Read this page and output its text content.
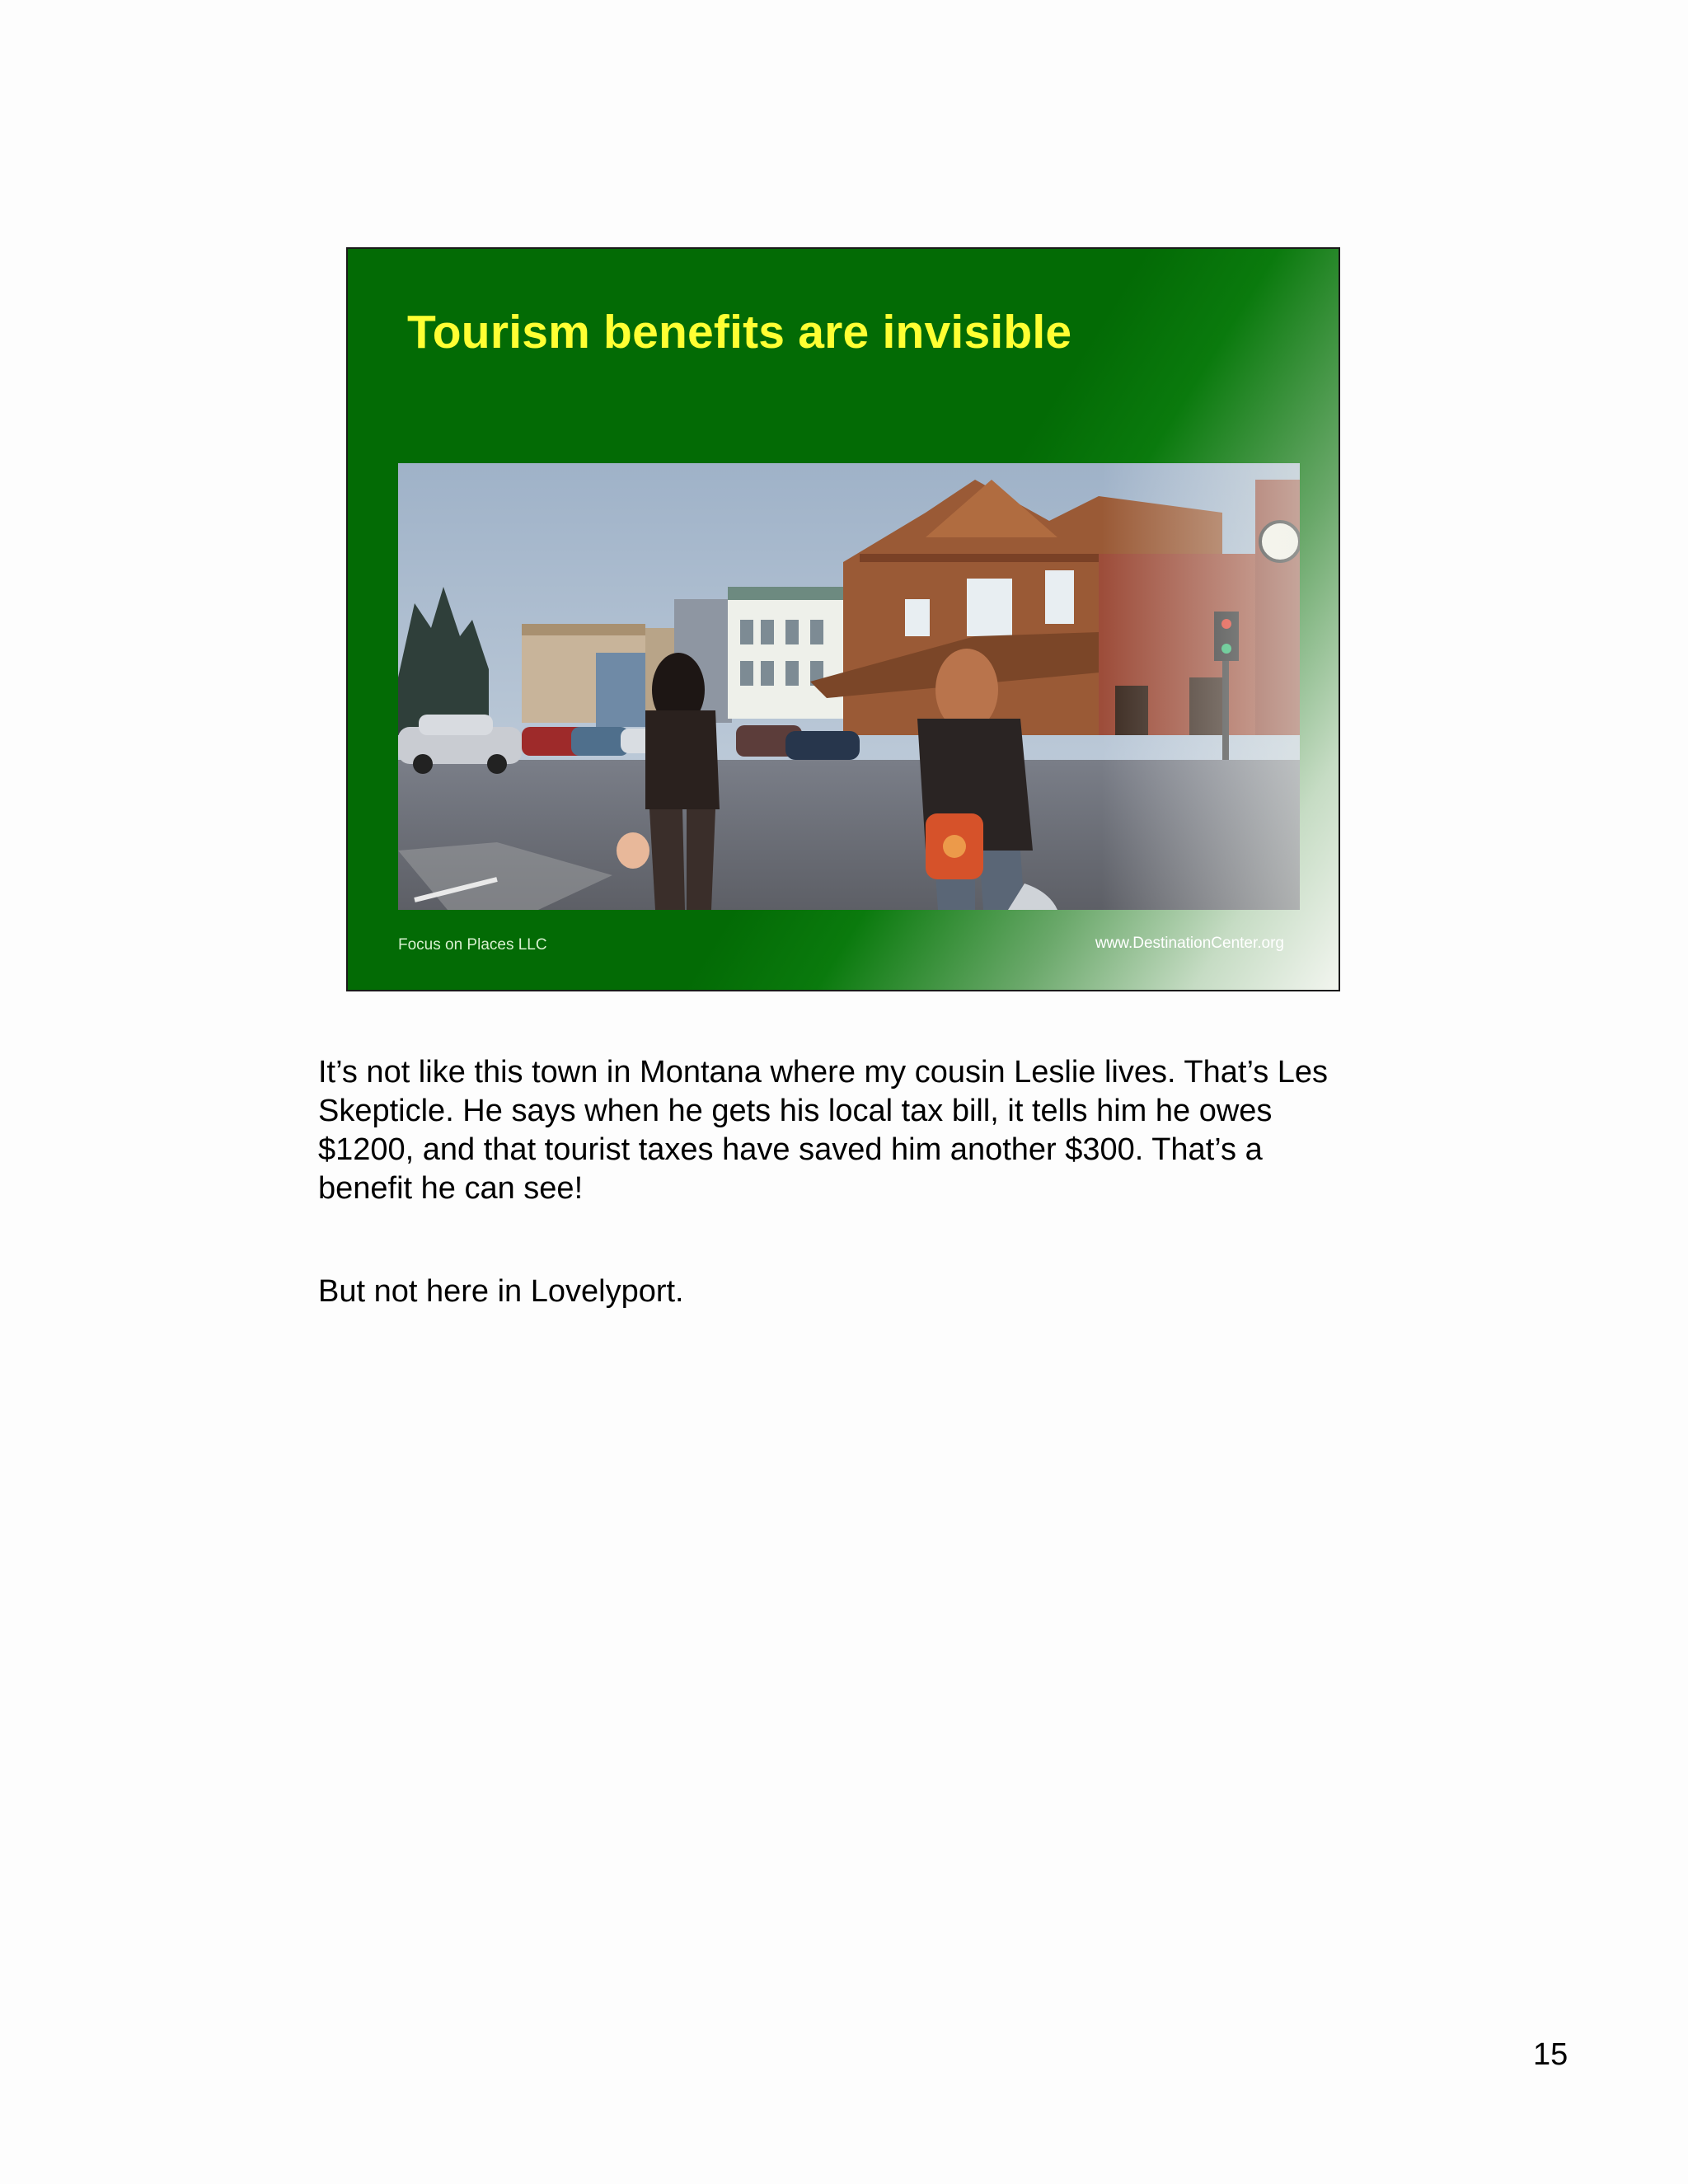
Tourism benefits are invisible
Focus on Places LLC	www.DestinationCenter.org

It’s not like this town in Montana where my cousin Leslie lives. That’s Les Skepticle. He says when he gets his local tax bill, it tells him he owes $1200, and that tourist taxes have saved him another $300. That’s a benefit he can see!

But not here in Lovelyport.

15
